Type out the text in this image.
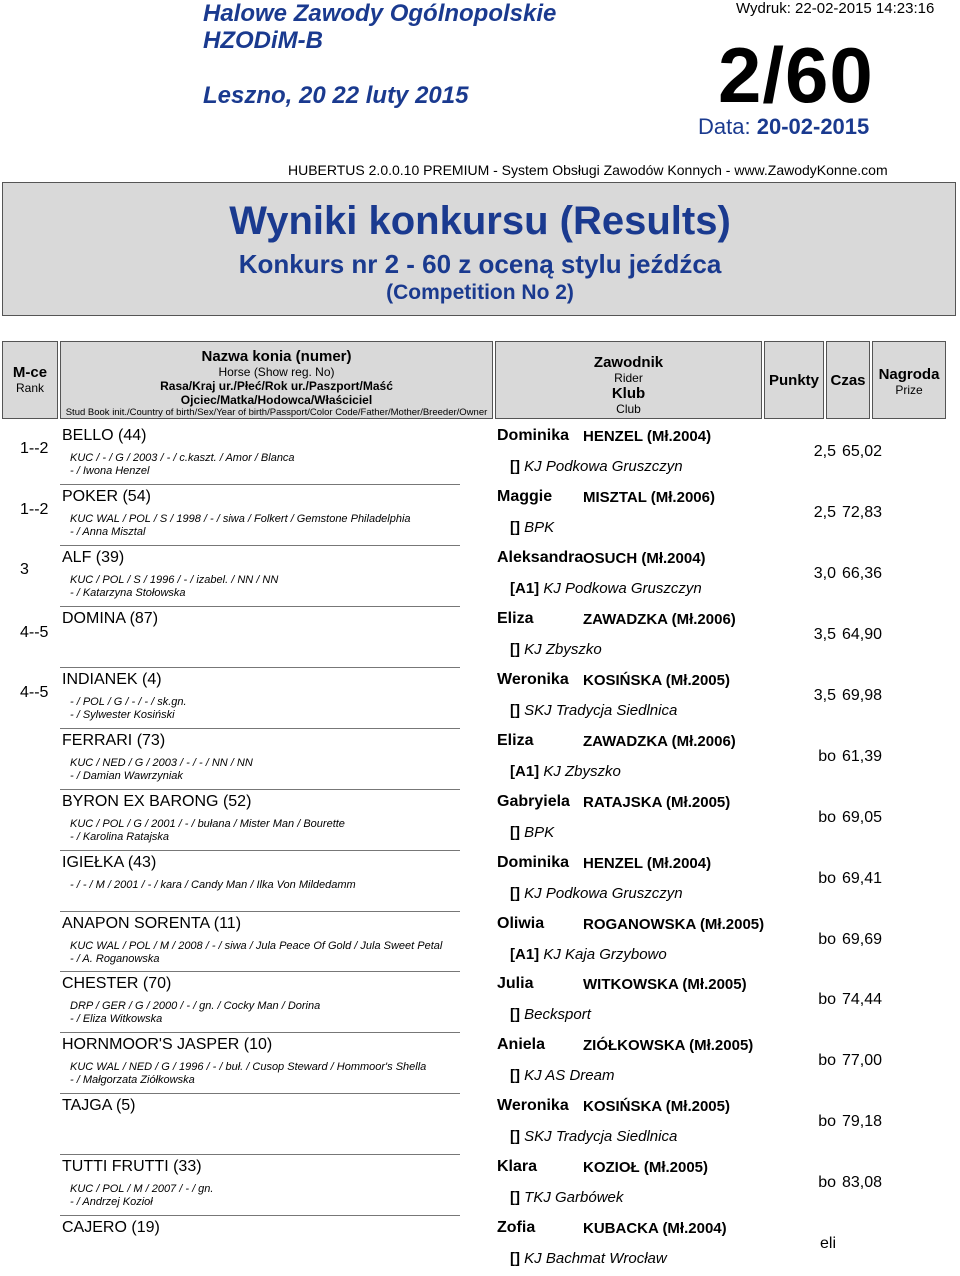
Halowe Zawody Ogólnopolskie
HZODiM-B
Leszno, 20 22 luty 2015
Wydruk: 22-02-2015 14:23:16
2/60
Data: 20-02-2015
HUBERTUS 2.0.0.10 PREMIUM - System Obsługi Zawodów Konnych - www.ZawodyKonne.com
Wyniki konkursu (Results)
Konkurs nr 2 - 60 z oceną stylu jeźdźca
(Competition No 2)
M-ce
Rank
Nazwa konia (numer)
Horse (Show reg. No)
Rasa/Kraj ur./Płeć/Rok ur./Paszport/Maść
Ojciec/Matka/Hodowca/Właściciel
Stud Book init./Country of birth/Sex/Year of birth/Passport/Color Code/Father/Mother/Breeder/Owner
Zawodnik
Rider
Klub
Club
Punkty Czas Nagroda
Prize
1--2
BELLO (44)
KUC / - / G / 2003 / - / c.kaszt. / Amor / Blanca
- / Iwona Henzel
Dominika HENZEL (Mł.2004)
[] KJ Podkowa Gruszczyn
2,5 65,02
1--2
POKER (54)
KUC WAL / POL / S / 1998 / - / siwa / Folkert / Gemstone Philadelphia
- / Anna Misztal
Maggie MISZTAL (Mł.2006)
[] BPK
2,5 72,83
3
ALF (39)
KUC / POL / S / 1996 / - / izabel. / NN / NN
- / Katarzyna Stołowska
Aleksandra OSUCH (Mł.2004)
[A1] KJ Podkowa Gruszczyn
3,0 66,36
4--5
DOMINA (87)	Eliza	ZAWADZKA (Mł.2006)
[] KJ Zbyszko
3,5 64,90
4--5
INDIANEK (4)
- / POL / G / - / - / sk.gn.
- / Sylwester Kosiński
Weronika KOSIŃSKA (Mł.2005)
[] SKJ Tradycja Siedlnica
3,5 69,98
FERRARI (73)
KUC / NED / G / 2003 / - / - / NN / NN
- / Damian Wawrzyniak
Eliza	ZAWADZKA (Mł.2006)
[A1] KJ Zbyszko
bo 61,39
BYRON EX BARONG (52)
KUC / POL / G / 2001 / - / bułana / Mister Man / Bourette
- / Karolina Ratajska
Gabryiela RATAJSKA (Mł.2005)
[] BPK
bo 69,05
IGIEŁKA (43)
- / - / M / 2001 / - / kara / Candy Man / Ilka Von Mildedamm
Dominika HENZEL (Mł.2004)
[] KJ Podkowa Gruszczyn
bo 69,41
ANAPON SORENTA (11)
KUC WAL / POL / M / 2008 / - / siwa / Jula Peace Of Gold / Jula Sweet Petal
- / A. Roganowska
Oliwia	ROGANOWSKA (Mł.2005)
[A1] KJ Kaja Grzybowo
bo 69,69
CHESTER (70)
DRP / GER / G / 2000 / - / gn. / Cocky Man / Dorina
- / Eliza Witkowska
Julia	WITKOWSKA (Mł.2005)
[] Becksport
bo 74,44
HORNMOOR'S JASPER (10)
KUC WAL / NED / G / 1996 / - / buł. / Cusop Steward / Hommoor's Shella
- / Małgorzata Ziółkowska
Aniela	ZIÓŁKOWSKA (Mł.2005)
[] KJ AS Dream
bo 77,00
TAJGA (5)	Weronika KOSIŃSKA (Mł.2005)
[] SKJ Tradycja Siedlnica
bo 79,18
TUTTI FRUTTI (33)
KUC / POL / M / 2007 / - / gn.
- / Andrzej Kozioł
Klara	KOZIOŁ (Mł.2005)
[] TKJ Garbówek
bo 83,08
CAJERO (19)	Zofia	KUBACKA (Mł.2004)
[] KJ Bachmat Wrocław
eli
